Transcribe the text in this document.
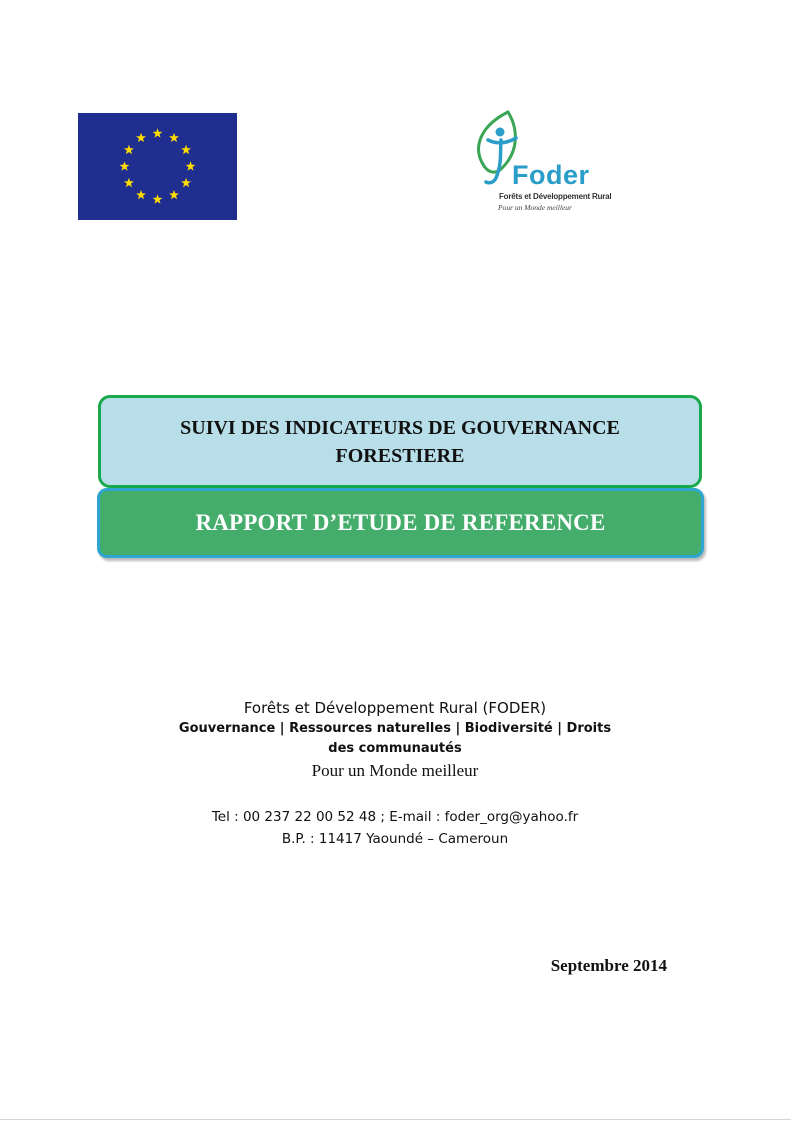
Foder
Forêts et Développement Rural
Pour un Monde meilleur
SUIVI DES INDICATEURS DE GOUVERNANCE
FORESTIERE
RAPPORT D’ETUDE DE REFERENCE
Forêts et Développement Rural (FODER)
Gouvernance | Ressources naturelles | Biodiversité | Droits des communautés
Pour un Monde meilleur
Tel : 00 237 22 00 52 48 ; E-mail : foder_org@yahoo.fr
B.P. : 11417 Yaoundé – Cameroun
Septembre 2014
